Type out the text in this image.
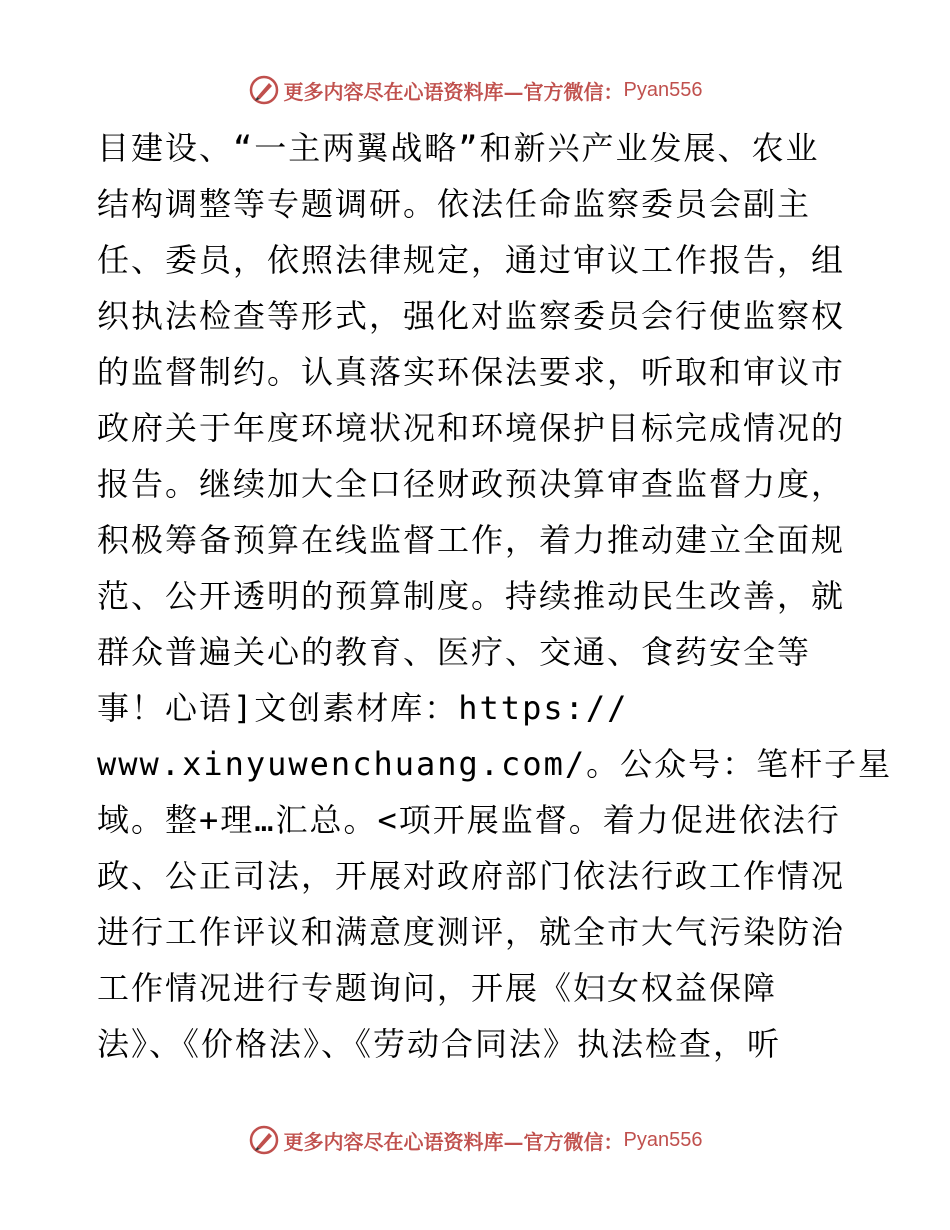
更多内容尽在心语资料库—官方微信： Pyan556
目建设、“一主两翼战略”和新兴产业发展、农业
结构调整等专题调研。依法任命监察委员会副主
任、委员，依照法律规定，通过审议工作报告，组
织执法检查等形式，强化对监察委员会行使监察权
的监督制约。认真落实环保法要求，听取和审议市
政府关于年度环境状况和环境保护目标完成情况的
报告。继续加大全口径财政预决算审查监督力度，
积极筹备预算在线监督工作，着力推动建立全面规
范、公开透明的预算制度。持续推动民生改善，就
群众普遍关心的教育、医疗、交通、食药安全等
事！心语]文创素材库：https://
www.xinyuwenchuang.com/。公众号：笔杆子星
域。整+理…汇总。<项开展监督。着力促进依法行
政、公正司法，开展对政府部门依法行政工作情况
进行工作评议和满意度测评，就全市大气污染防治
工作情况进行专题询问，开展《妇女权益保障
法》、《价格法》、《劳动合同法》执法检查，听
更多内容尽在心语资料库—官方微信： Pyan556
